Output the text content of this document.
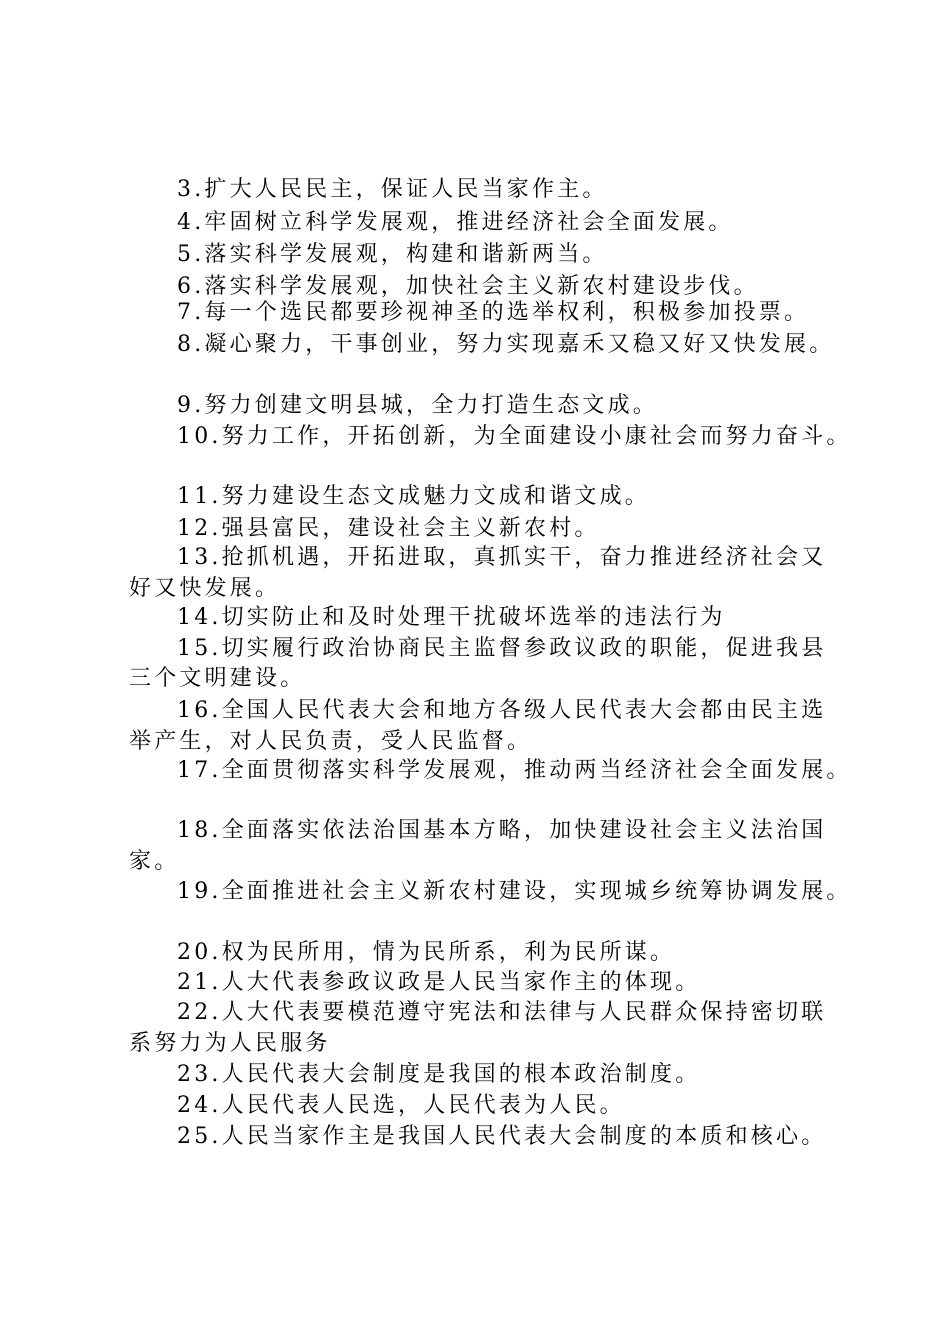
3.扩大人民民主，保证人民当家作主。
4.牢固树立科学发展观，推进经济社会全面发展。
5.落实科学发展观，构建和谐新两当。
6.落实科学发展观，加快社会主义新农村建设步伐。
7.每一个选民都要珍视神圣的选举权利，积极参加投票。
8.凝心聚力，干事创业，努力实现嘉禾又稳又好又快发展。
9.努力创建文明县城，全力打造生态文成。
10.努力工作，开拓创新，为全面建设小康社会而努力奋斗。
11.努力建设生态文成魅力文成和谐文成。
12.强县富民，建设社会主义新农村。
13.抢抓机遇，开拓进取，真抓实干，奋力推进经济社会又
好又快发展。
14.切实防止和及时处理干扰破坏选举的违法行为
15.切实履行政治协商民主监督参政议政的职能，促进我县
三个文明建设。
16.全国人民代表大会和地方各级人民代表大会都由民主选
举产生，对人民负责，受人民监督。
17.全面贯彻落实科学发展观，推动两当经济社会全面发展。
18.全面落实依法治国基本方略，加快建设社会主义法治国
家。
19.全面推进社会主义新农村建设，实现城乡统筹协调发展。
20.权为民所用，情为民所系，利为民所谋。
21.人大代表参政议政是人民当家作主的体现。
22.人大代表要模范遵守宪法和法律与人民群众保持密切联
系努力为人民服务
23.人民代表大会制度是我国的根本政治制度。
24.人民代表人民选，人民代表为人民。
25.人民当家作主是我国人民代表大会制度的本质和核心。
